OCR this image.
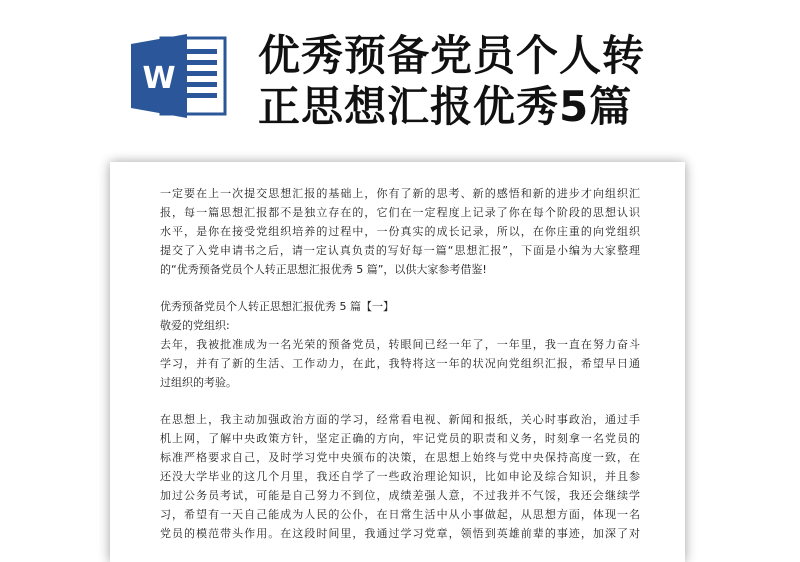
W 优秀预备党员个人转
正思想汇报优秀5篇
一定要在上一次提交思想汇报的基础上，你有了新的思考、新的感悟和新的进步才向组织汇
报，每一篇思想汇报都不是独立存在的，它们在一定程度上记录了你在每个阶段的思想认识
水平，是你在接受党组织培养的过程中，一份真实的成长记录，所以，在你庄重的向党组织
提交了入党申请书之后，请一定认真负责的写好每一篇“思想汇报”，下面是小编为大家整理
的“优秀预备党员个人转正思想汇报优秀 5 篇”，以供大家参考借鉴!
优秀预备党员个人转正思想汇报优秀 5 篇【一】
敬爱的党组织:
去年，我被批准成为一名光荣的预备党员，转眼间已经一年了，一年里，我一直在努力奋斗
学习，并有了新的生活、工作动力，在此，我特将这一年的状况向党组织汇报，希望早日通
过组织的考验。
在思想上，我主动加强政治方面的学习，经常看电视、新闻和报纸，关心时事政治，通过手
机上网，了解中央政策方针，坚定正确的方向，牢记党员的职责和义务，时刻拿一名党员的
标准严格要求自己，及时学习党中央颁布的决策，在思想上始终与党中央保持高度一致，在
还没大学毕业的这几个月里，我还自学了一些政治理论知识，比如申论及综合知识，并且参
加过公务员考试，可能是自己努力不到位，成绩差强人意，不过我并不气馁，我还会继续学
习，希望有一天自己能成为人民的公仆，在日常生活中从小事做起，从思想方面，体现一名
党员的模范带头作用。在这段时间里，我通过学习党章，领悟到英雄前辈的事迹，加深了对
